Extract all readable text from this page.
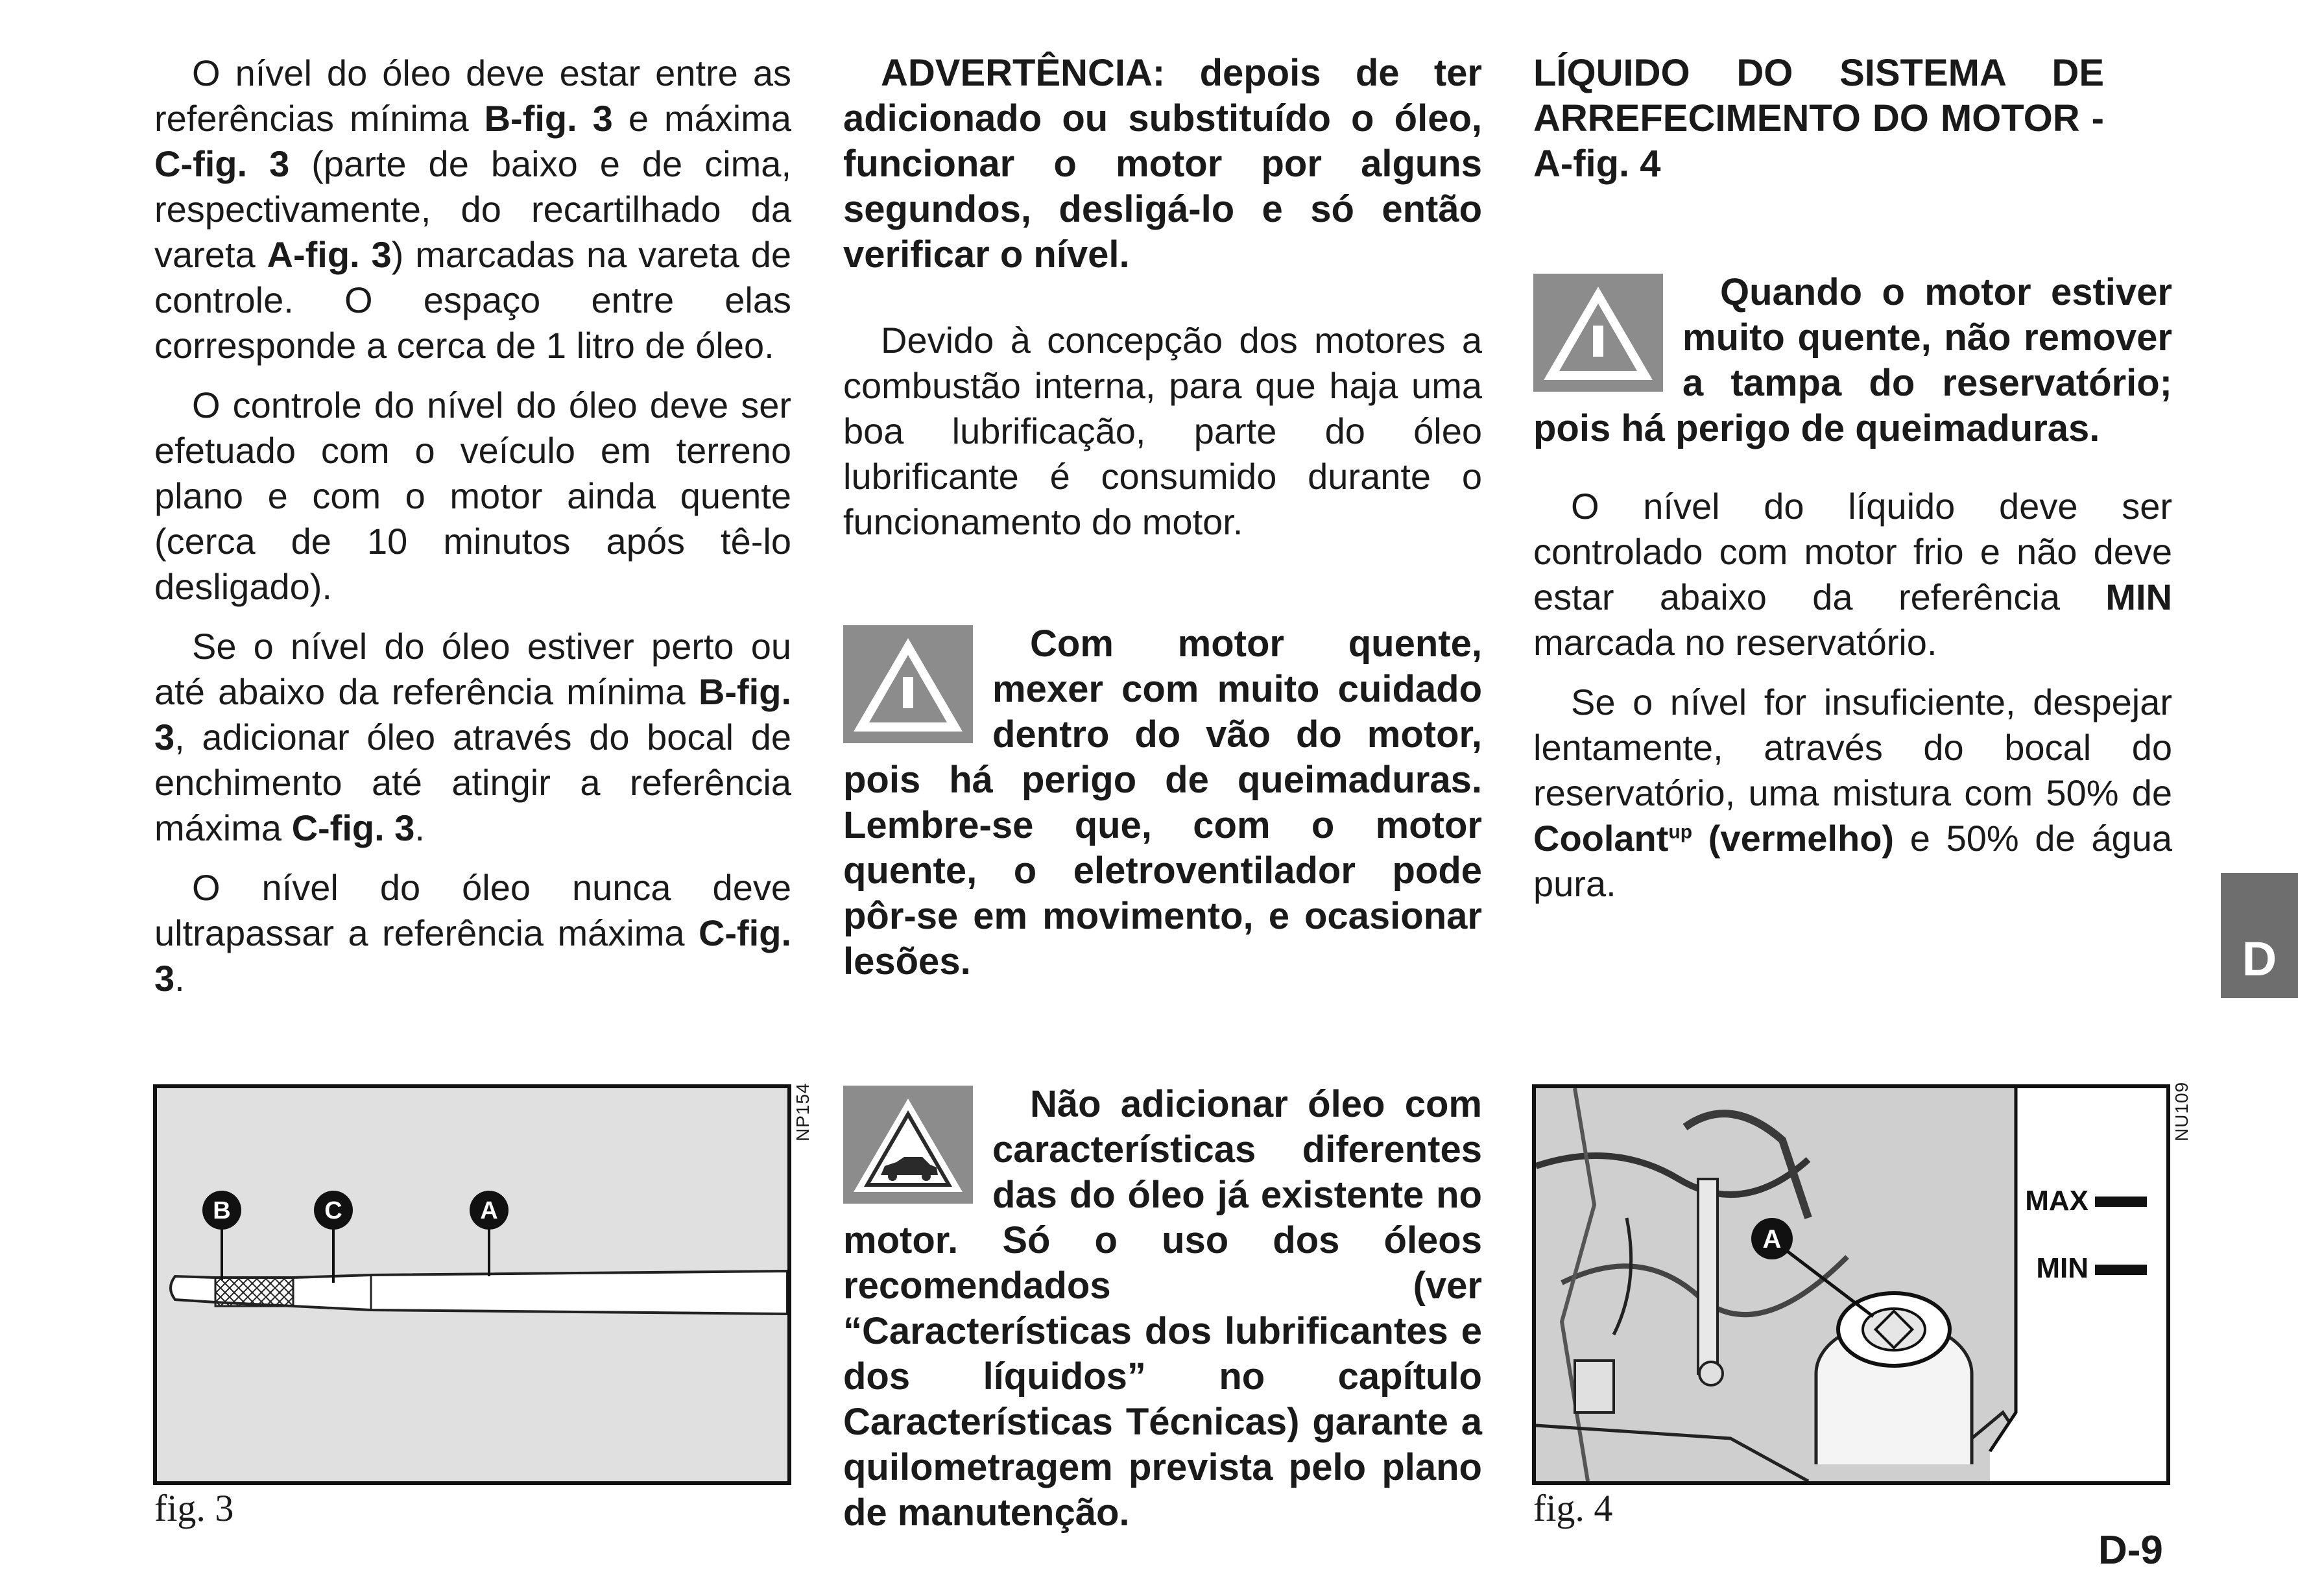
O nível do óleo deve estar entre as referências mínima B-fig. 3 e máxima C-fig. 3 (parte de baixo e de cima, respectivamente, do recartilhado da vareta A-fig. 3) marcadas na vareta de controle. O espaço entre elas corresponde a cerca de 1 litro de óleo.

O controle do nível do óleo deve ser efetuado com o veículo em terreno plano e com o motor ainda quente (cerca de 10 minutos após tê-lo desligado).

Se o nível do óleo estiver perto ou até abaixo da referência mínima B-fig. 3, adicionar óleo através do bocal de enchimento até atingir a referência máxima C-fig. 3.

O nível do óleo nunca deve ultrapassar a referência máxima C-fig. 3.

ADVERTÊNCIA: depois de ter adicionado ou substituído o óleo, funcionar o motor por alguns segundos, desligá-lo e só então verificar o nível.

Devido à concepção dos motores a combustão interna, para que haja uma boa lubrificação, parte do óleo lubrificante é consumido durante o funcionamento do motor.

Com motor quente, mexer com muito cuidado dentro do vão do motor, pois há perigo de queimaduras. Lembre-se que, com o motor quente, o eletroventilador pode pôr-se em movimento, e ocasionar lesões.

Não adicionar óleo com características diferentes das do óleo já existente no motor. Só o uso dos óleos recomendados (ver “Características dos lubrificantes e dos líquidos” no capítulo Características Técnicas) garante a quilometragem prevista pelo plano de manutenção.

LÍQUIDO DO SISTEMA DE ARREFECIMENTO DO MOTOR - A-fig. 4

Quando o motor estiver muito quente, não remover a tampa do reservatório; pois há perigo de queimaduras.

O nível do líquido deve ser controlado com motor frio e não deve estar abaixo da referência MIN marcada no reservatório.

Se o nível for insuficiente, despejar lentamente, através do bocal do reservatório, uma mistura com 50% de Coolant$^{up}$ (vermelho) e 50% de água pura.

B	C	A
NP154
fig. 3
MAX
MIN
A
NU109
fig. 4
D
D-9
